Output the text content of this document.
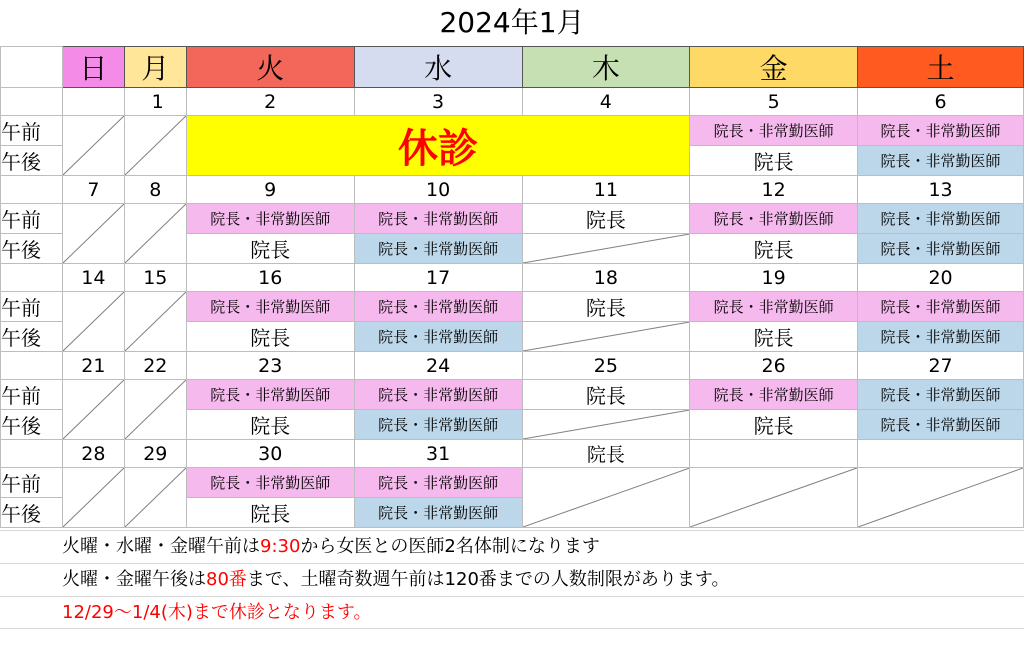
2024年1月
	日	月	火	水	木	金	土
		1	2	3	4	5	6
午前			休診			院長・非常勤医師	院長・非常勤医師
午後						院長	院長・非常勤医師
	7	8	9	10	11	12	13
午前			院長・非常勤医師	院長・非常勤医師	院長	院長・非常勤医師	院長・非常勤医師
午後			院長	院長・非常勤医師		院長	院長・非常勤医師
	14	15	16	17	18	19	20
午前			院長・非常勤医師	院長・非常勤医師	院長	院長・非常勤医師	院長・非常勤医師
午後			院長	院長・非常勤医師		院長	院長・非常勤医師
	21	22	23	24	25	26	27
午前			院長・非常勤医師	院長・非常勤医師	院長	院長・非常勤医師	院長・非常勤医師
午後			院長	院長・非常勤医師		院長	院長・非常勤医師
	28	29	30	31	院長		
午前			院長・非常勤医師	院長・非常勤医師	

午後			院長	院長・非常勤医師			
火曜・水曜・金曜午前は9:30から女医との医師2名体制になります
火曜・金曜午後は80番まで、土曜奇数週午前は120番までの人数制限があります。
12/29～1/4(木)まで休診となります。
